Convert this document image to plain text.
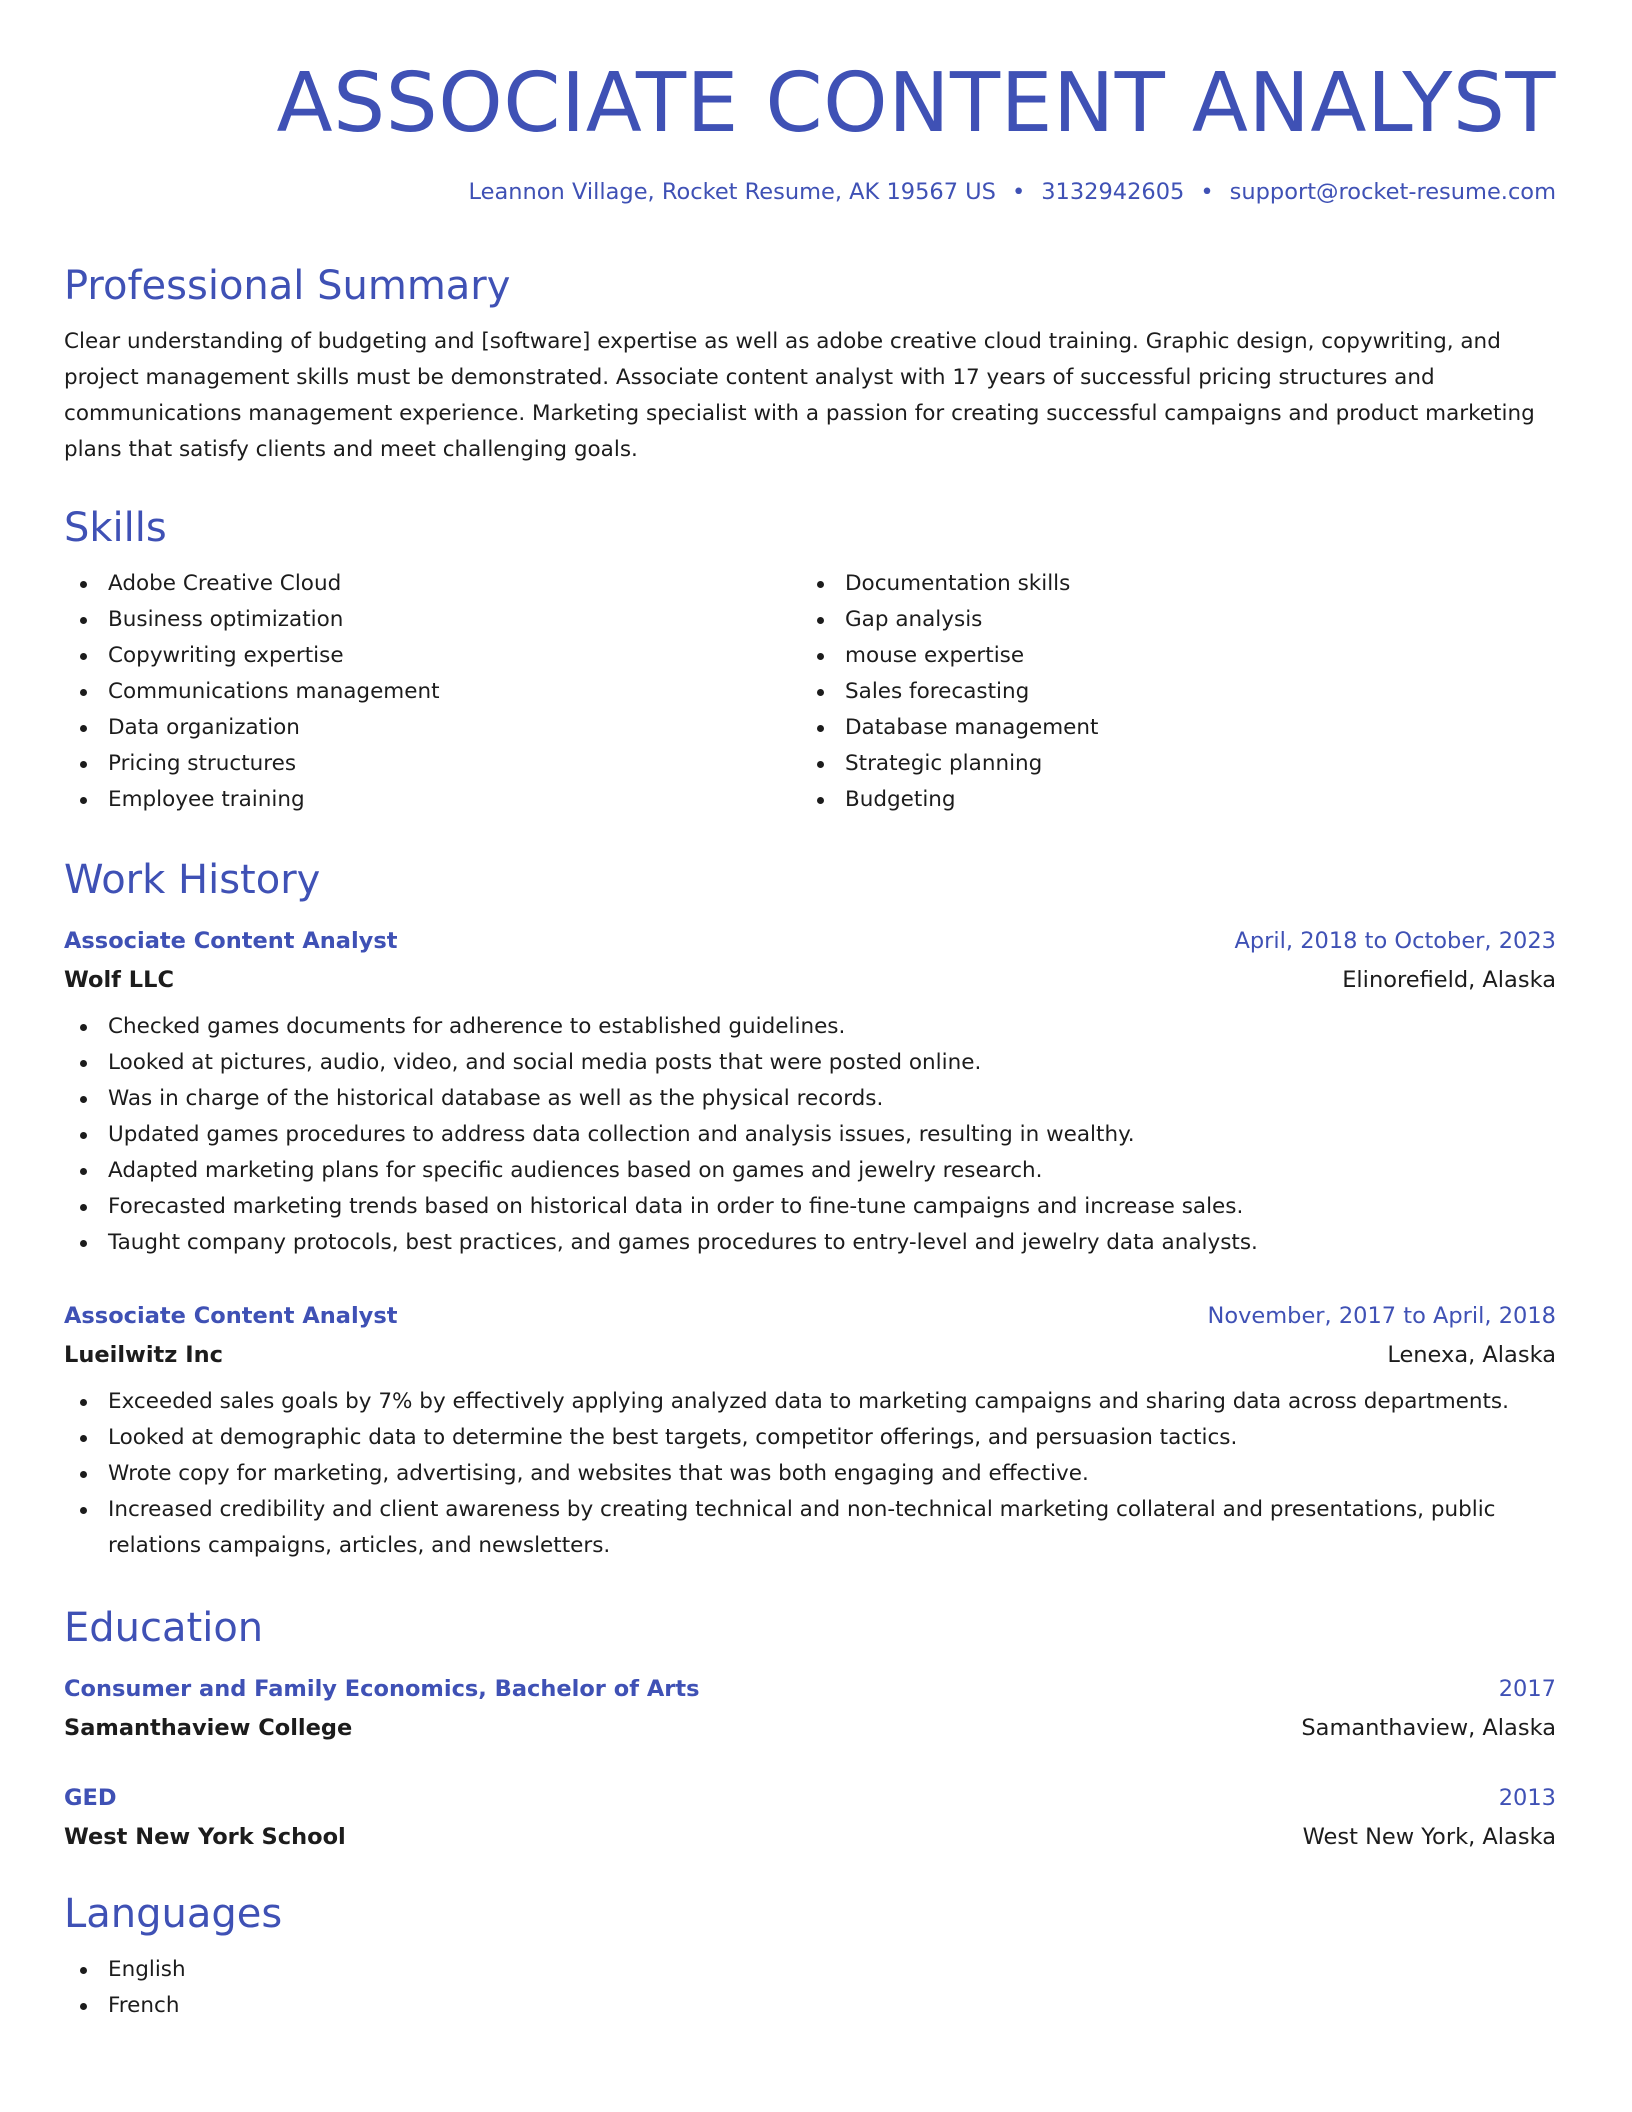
ASSOCIATE CONTENT ANALYST
Leannon Village, Rocket Resume, AK 19567 US • 3132942605 • support@rocket-resume.com
Professional Summary

Clear understanding of budgeting and [software] expertise as well as adobe creative cloud training. Graphic design, copywriting, and project management skills must be demonstrated. Associate content analyst with 17 years of successful pricing structures and communications management experience. Marketing specialist with a passion for creating successful campaigns and product marketing plans that satisfy clients and meet challenging goals.

Skills
Adobe Creative Cloud
Business optimization
Copywriting expertise
Communications management
Data organization
Pricing structures
Employee training
Documentation skills
Gap analysis
mouse expertise
Sales forecasting
Database management
Strategic planning
Budgeting
Work History
Associate Content Analyst	April, 2018 to October, 2023
Wolf LLC	Elinorefield, Alaska
Checked games documents for adherence to established guidelines.
Looked at pictures, audio, video, and social media posts that were posted online.
Was in charge of the historical database as well as the physical records.
Updated games procedures to address data collection and analysis issues, resulting in wealthy.
Adapted marketing plans for specific audiences based on games and jewelry research.
Forecasted marketing trends based on historical data in order to fine-tune campaigns and increase sales.
Taught company protocols, best practices, and games procedures to entry-level and jewelry data analysts.
Associate Content Analyst	November, 2017 to April, 2018
Lueilwitz Inc	Lenexa, Alaska
Exceeded sales goals by 7% by effectively applying analyzed data to marketing campaigns and sharing data across departments.
Looked at demographic data to determine the best targets, competitor offerings, and persuasion tactics.
Wrote copy for marketing, advertising, and websites that was both engaging and effective.
Increased credibility and client awareness by creating technical and non-technical marketing collateral and presentations, public relations campaigns, articles, and newsletters.
Education
Consumer and Family Economics, Bachelor of Arts	2017
Samanthaview College	Samanthaview, Alaska
GED	2013
West New York School	West New York, Alaska
Languages
English
French
